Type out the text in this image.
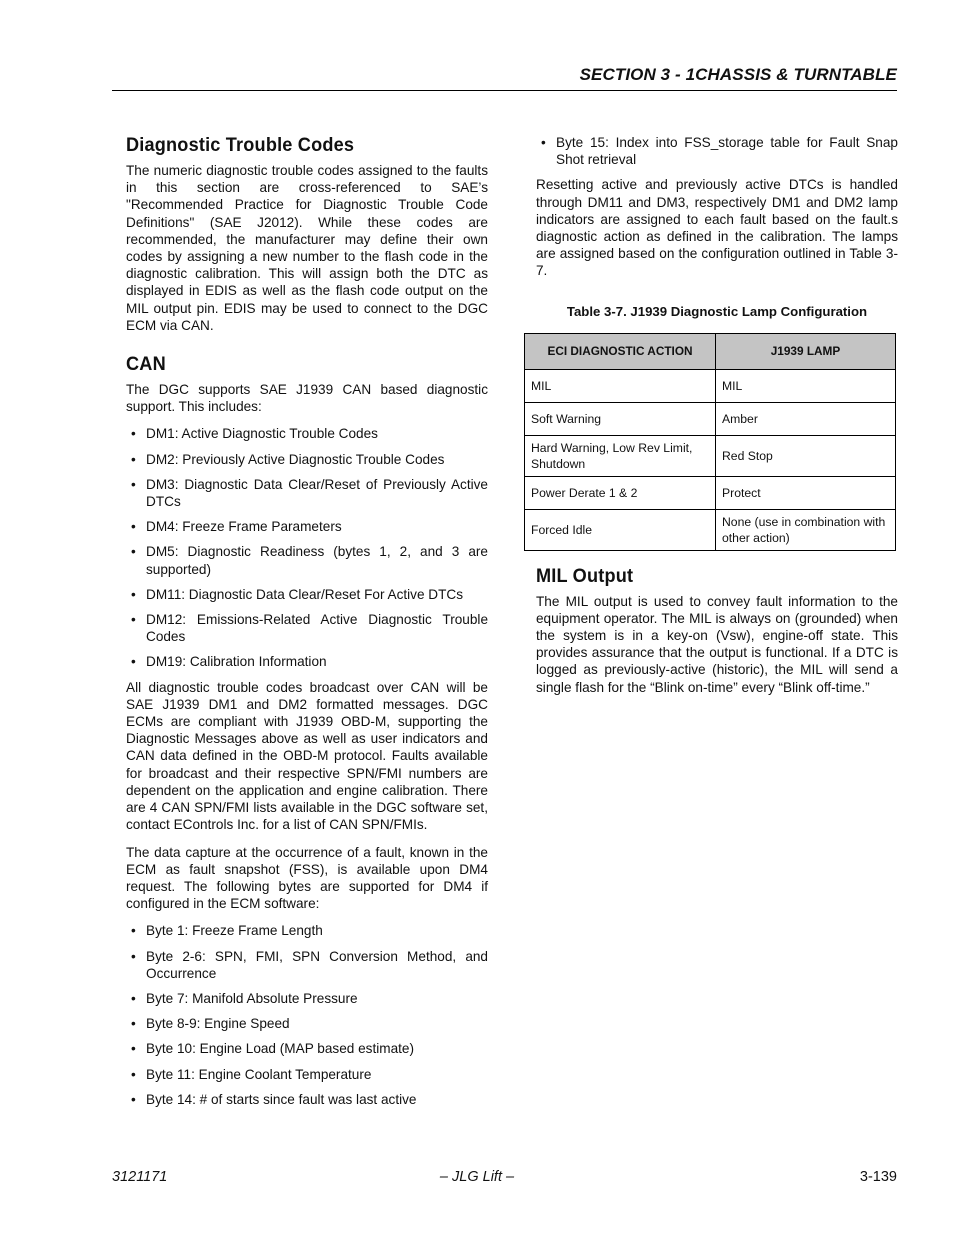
SECTION 3 - 1CHASSIS & TURNTABLE
Diagnostic Trouble Codes

The numeric diagnostic trouble codes assigned to the faults in this section are cross-referenced to SAE’s "Recommended Practice for Diagnostic Trouble Code Definitions" (SAE J2012). While these codes are recommended, the manufacturer may define their own codes by assigning a new number to the flash code in the diagnostic calibration. This will assign both the DTC as displayed in EDIS as well as the flash code output on the MIL output pin. EDIS may be used to connect to the DGC ECM via CAN.

CAN

The DGC supports SAE J1939 CAN based diagnostic support. This includes:

• DM1: Active Diagnostic Trouble Codes
• DM2: Previously Active Diagnostic Trouble Codes
• DM3: Diagnostic Data Clear/Reset of Previously Active DTCs
• DM4: Freeze Frame Parameters
• DM5: Diagnostic Readiness (bytes 1, 2, and 3 are supported)
• DM11: Diagnostic Data Clear/Reset For Active DTCs
• DM12: Emissions-Related Active Diagnostic Trouble Codes
• DM19: Calibration Information

All diagnostic trouble codes broadcast over CAN will be SAE J1939 DM1 and DM2 formatted messages. DGC ECMs are compliant with J1939 OBD-M, supporting the Diagnostic Messages above as well as user indicators and CAN data defined in the OBD-M protocol. Faults available for broadcast and their respective SPN/FMI numbers are dependent on the application and engine calibration. There are 4 CAN SPN/FMI lists available in the DGC software set, contact EControls Inc. for a list of CAN SPN/FMIs.

The data capture at the occurrence of a fault, known in the ECM as fault snapshot (FSS), is available upon DM4 request. The following bytes are supported for DM4 if configured in the ECM software:

• Byte 1: Freeze Frame Length
• Byte 2-6: SPN, FMI, SPN Conversion Method, and Occurrence
• Byte 7: Manifold Absolute Pressure
• Byte 8-9: Engine Speed
• Byte 10: Engine Load (MAP based estimate)
• Byte 11: Engine Coolant Temperature
• Byte 14: # of starts since fault was last active
• Byte 15: Index into FSS_storage table for Fault Snap Shot retrieval

Resetting active and previously active DTCs is handled through DM11 and DM3, respectively DM1 and DM2 lamp indicators are assigned to each fault based on the fault.s diagnostic action as defined in the calibration. The lamps are assigned based on the configuration outlined in Table 3-7.

Table 3-7. J1939 Diagnostic Lamp Configuration
ECI DIAGNOSTIC ACTION	J1939 LAMP
MIL	MIL
Soft Warning	Amber
Hard Warning, Low Rev Limit, Shutdown	Red Stop
Power Derate 1 & 2	Protect
Forced Idle	None (use in combination with other action)
MIL Output

The MIL output is used to convey fault information to the equipment operator. The MIL is always on (grounded) when the system is in a key-on (Vsw), engine-off state. This provides assurance that the output is functional. If a DTC is logged as previously-active (historic), the MIL will send a single flash for the “Blink on-time” every “Blink off-time.”

– JLG Lift –
3121171	3-139
